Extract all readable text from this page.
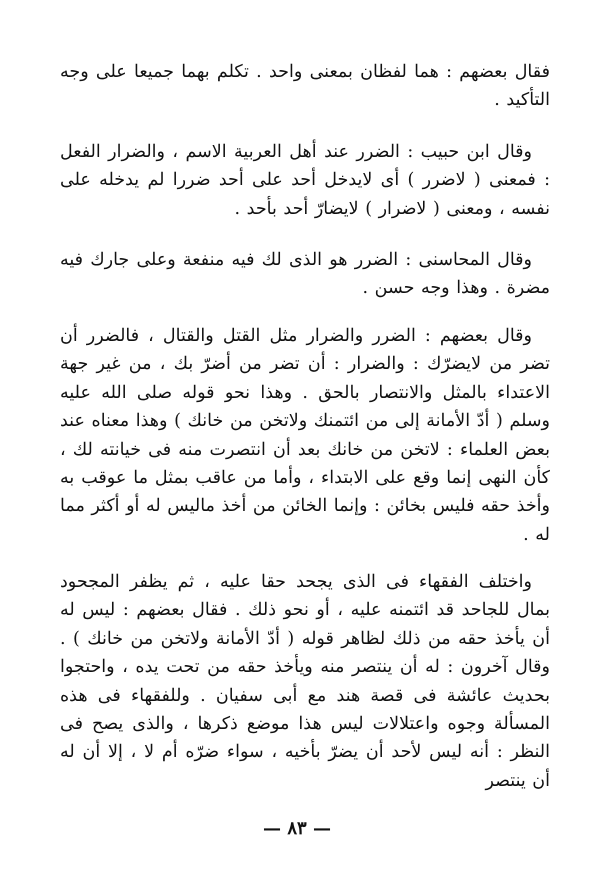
فقال بعضهم : هما لفظان بمعنى واحد . تكلم بهما جميعا على وجه التأكيد .

وقال ابن حبيب : الضرر عند أهل العربية الاسم ، والضرار الفعل : فمعنى ( لاضرر ) أى لايدخل أحد على أحد ضررا لم يدخله على نفسه ، ومعنى ( لاضرار ) لايضارّ أحد بأحد .

وقال المحاسنى : الضرر هو الذى لك فيه منفعة وعلى جارك فيه مضرة . وهذا وجه حسن .

وقال بعضهم : الضرر والضرار مثل القتل والقتال ، فالضرر أن تضر من لايضرّك : والضرار : أن تضر من أضرّ بك ، من غير جهة الاعتداء بالمثل والانتصار بالحق . وهذا نحو قوله صلى الله عليه وسلم ( أدّ الأمانة إلى من ائتمنك ولاتخن من خانك ) وهذا معناه عند بعض العلماء : لاتخن من خانك بعد أن انتصرت منه فى خيانته لك ، كأن النهى إنما وقع على الابتداء ، وأما من عاقب بمثل ما عوقب به وأخذ حقه فليس بخائن : وإنما الخائن من أخذ ماليس له أو أكثر مما له .

واختلف الفقهاء فى الذى يجحد حقا عليه ، ثم يظفر المجحود بمال للجاحد قد ائتمنه عليه ، أو نحو ذلك . فقال بعضهم : ليس له أن يأخذ حقه من ذلك لظاهر قوله ( أدّ الأمانة ولاتخن من خانك ) . وقال آخرون : له أن ينتصر منه ويأخذ حقه من تحت يده ، واحتجوا بحديث عائشة فى قصة هند مع أبى سفيان . وللفقهاء فى هذه المسألة وجوه واعتلالات ليس هذا موضع ذكرها ، والذى يصح فى النظر : أنه ليس لأحد أن يضرّ بأخيه ، سواء ضرّه أم لا ، إلا أن له أن ينتصر

— ٨٣ —
